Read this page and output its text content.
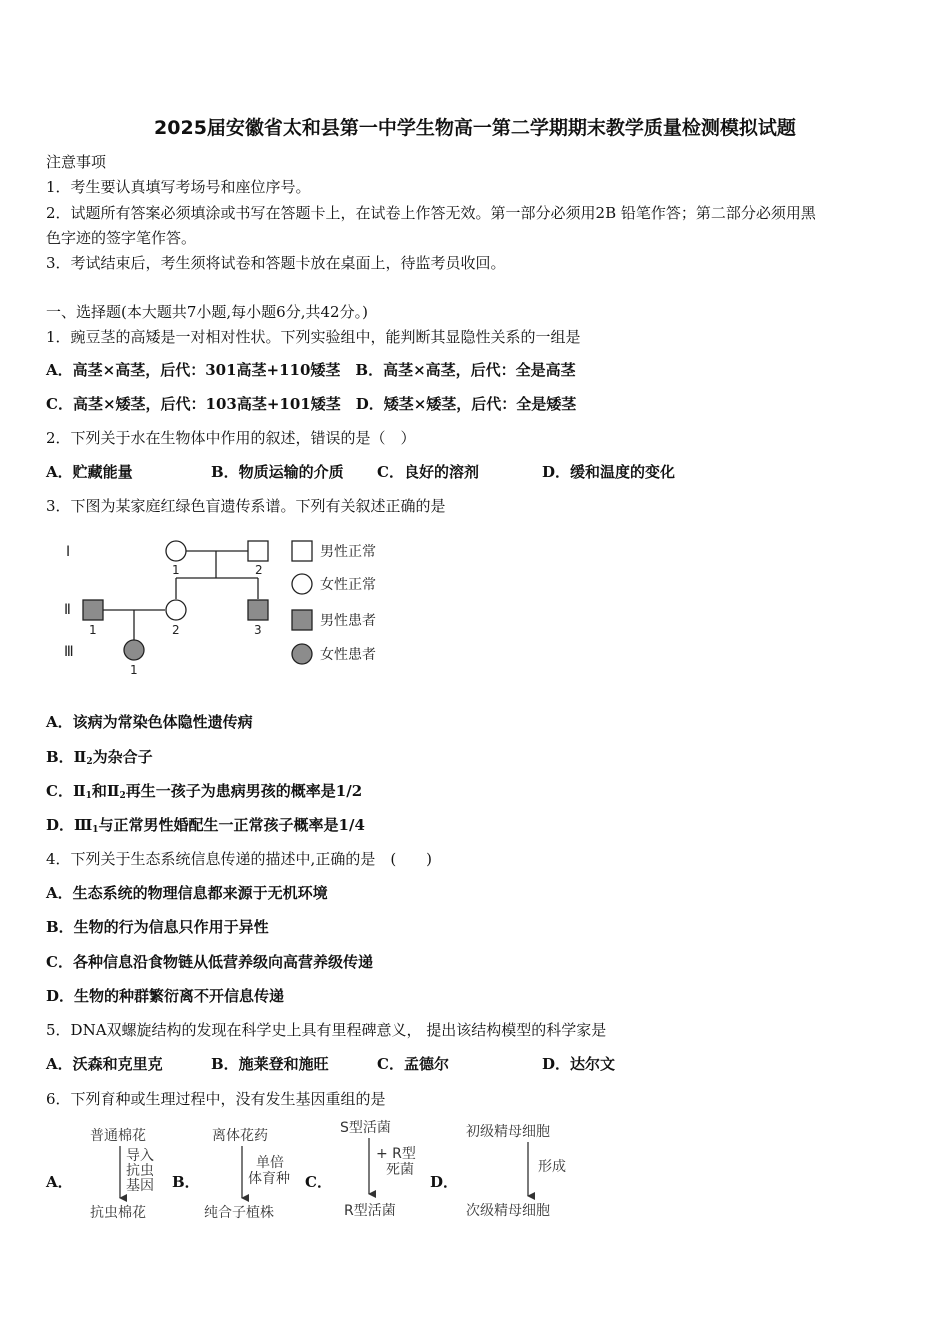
2025届安徽省太和县第一中学生物高一第二学期期末教学质量检测模拟试题
注意事项
1．考生要认真填写考场号和座位序号。
2．试题所有答案必须填涂或书写在答题卡上，在试卷上作答无效。第一部分必须用2B 铅笔作答；第二部分必须用黑
色字迹的签字笔作答。
3．考试结束后，考生须将试卷和答题卡放在桌面上，待监考员收回。
一、选择题(本大题共7小题,每小题6分,共42分。)
1．豌豆茎的高矮是一对相对性状。下列实验组中，能判断其显隐性关系的一组是
A．高茎×高茎，后代：301高茎+110矮茎　B．高茎×高茎，后代：全是高茎
C．高茎×矮茎，后代：103高茎+101矮茎　D．矮茎×矮茎，后代：全是矮茎
2．下列关于水在生物体中作用的叙述，错误的是（　）
A．贮藏能量	B．物质运输的介质 C．良好的溶剂	D．缓和温度的变化
3．下图为某家庭红绿色盲遗传系谱。下列有关叙述正确的是
Ⅰ
Ⅱ
Ⅲ
1	2
1	2	3
1
男性正常
女性正常
男性患者
女性患者
A．该病为常染色体隐性遗传病
B．$Ⅱ_2$为杂合子
C．$Ⅱ_1$和$Ⅱ_2$再生一孩子为患病男孩的概率是1/2
D．$Ⅲ_1$与正常男性婚配生一正常孩子概率是1/4
4．下列关于生态系统信息传递的描述中,正确的是　(　　)
A．生态系统的物理信息都来源于无机环境
B．生物的行为信息只作用于异性
C．各种信息沿食物链从低营养级向高营养级传递
D．生物的种群繁衍离不开信息传递
5．DNA双螺旋结构的发现在科学史上具有里程碑意义， 提出该结构模型的科学家是
A．沃森和克里克	B．施莱登和施旺	C．孟德尔	D．达尔文
6．下列育种或生理过程中，没有发生基因重组的是
A．	B．	C．	D．
普通棉花
导入
抗虫
基因
抗虫棉花
离体花药
单倍
体育种
纯合子植株
S型活菌
+ R型
死菌
R型活菌
初级精母细胞
形成
次级精母细胞
